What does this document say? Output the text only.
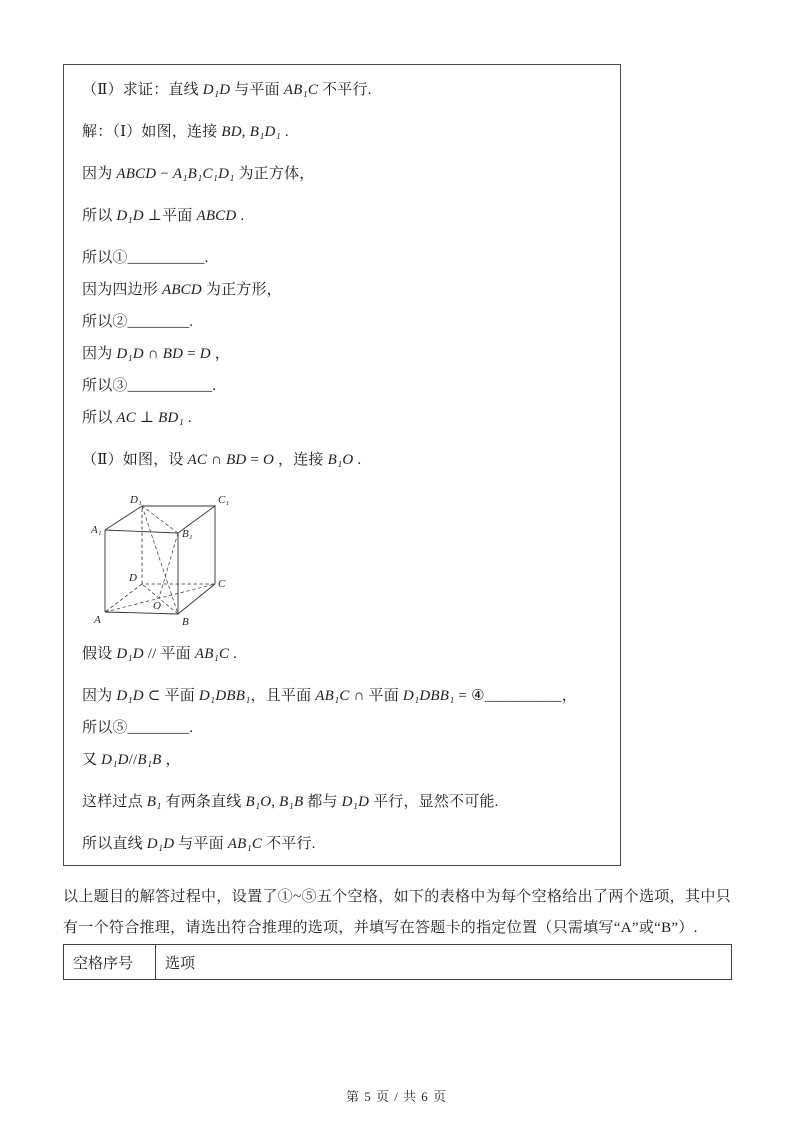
（Ⅱ）求证：直线 D₁D 与平面 AB₁C 不平行.

解：（Ⅰ）如图，连接 BD, B₁D₁ .

因为 ABCD − A₁B₁C₁D₁ 为正方体，

所以 D₁D ⊥平面 ABCD .

所以①__________.

因为四边形 ABCD 为正方形，

所以②________.

因为 D₁D ∩ BD = D ，

所以③___________.

所以 AC ⊥ BD₁ .

（Ⅱ）如图，设 AC ∩ BD = O ，连接 B₁O .

D₁	C₁
A₁	B₁
D	C
A
O
B

假设 D₁D // 平面 AB₁C .

因为 D₁D ⊂ 平面 D₁DBB₁，且平面 AB₁C ∩ 平面 D₁DBB₁ = ④__________，

所以⑤________.

又 D₁D//B₁B ，

这样过点 B₁ 有两条直线 B₁O, B₁B 都与 D₁D 平行，显然不可能.

所以直线 D₁D 与平面 AB₁C 不平行.

以上题目的解答过程中，设置了①~⑤五个空格，如下的表格中为每个空格给出了两个选项，其中只有一个符合推理，请选出符合推理的选项，并填写在答题卡的指定位置（只需填写“A”或“B”）.

空格序号	选项
第 5 页 / 共 6 页
